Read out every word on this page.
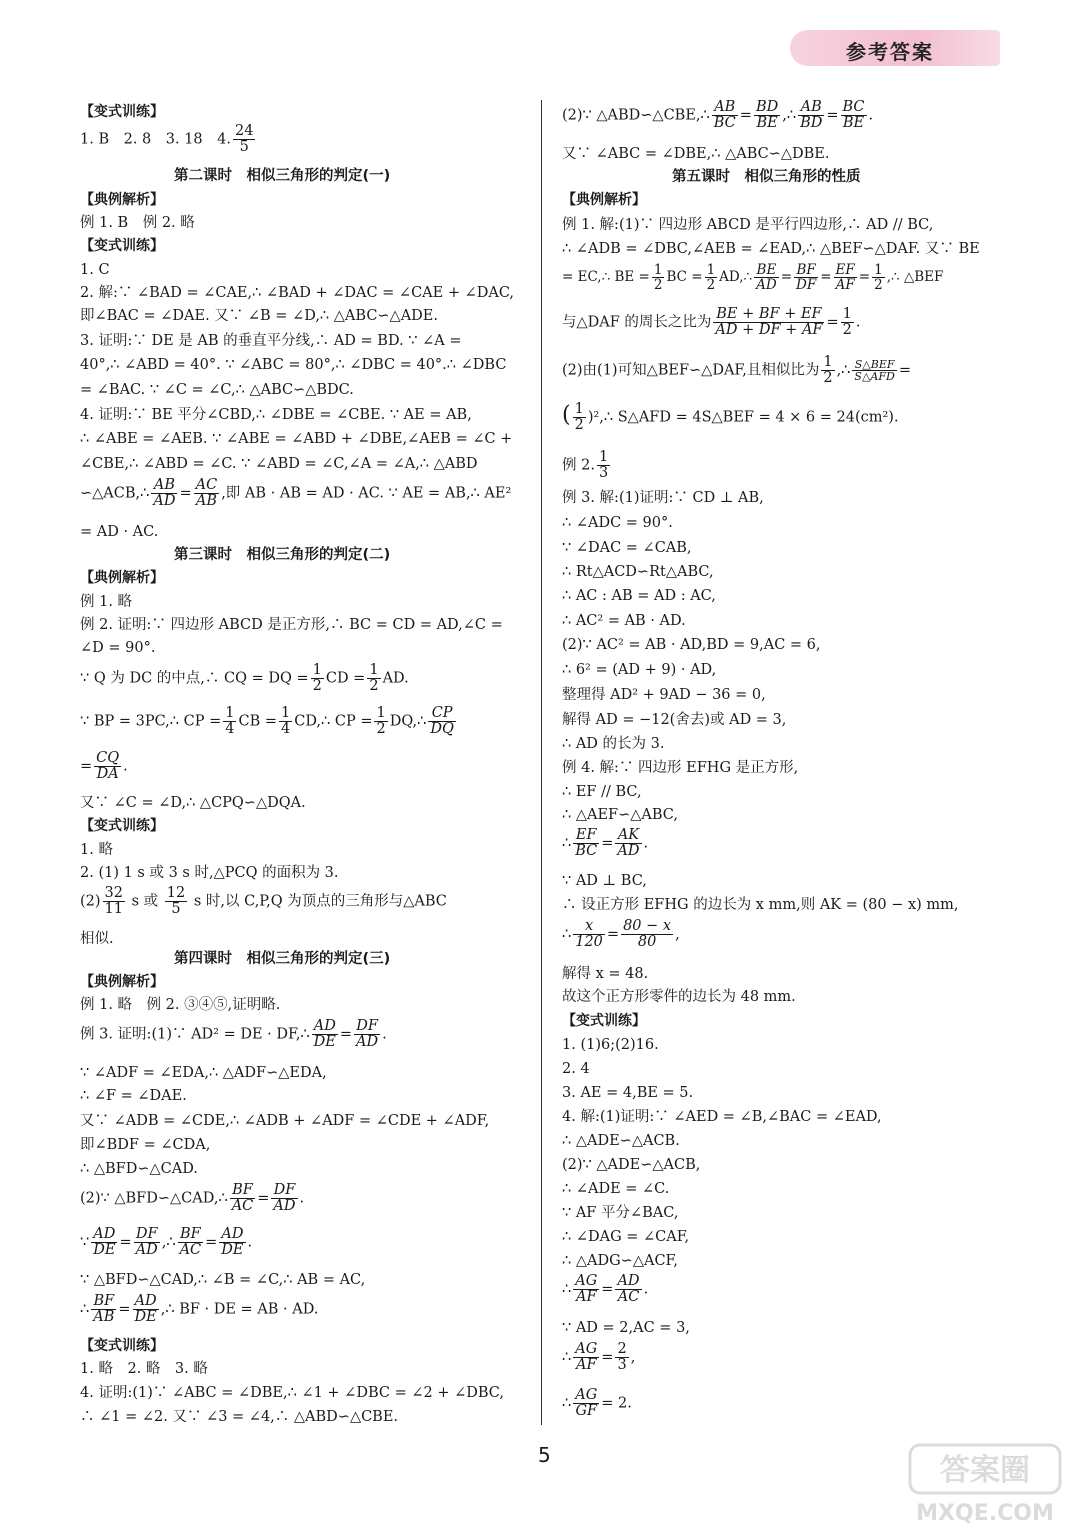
参考答案
【变式训练】
1. B　2. 8　3. 18　4. $\frac{24}{5}$
第二课时　相似三角形的判定(一)
【典例解析】
例 1. B　例 2. 略
【变式训练】
1. C
2. 解:∵ ∠BAD = ∠CAE,∴ ∠BAD + ∠DAC = ∠CAE + ∠DAC,
即∠BAC = ∠DAE. 又∵ ∠B = ∠D,∴ △ABC∽△ADE.
3. 证明:∵ DE 是 AB 的垂直平分线,∴ AD = BD. ∵ ∠A =
40°,∴ ∠ABD = 40°. ∵ ∠ABC = 80°,∴ ∠DBC = 40°.∴ ∠DBC
= ∠BAC. ∵ ∠C = ∠C,∴ △ABC∽△BDC.
4. 证明:∵ BE 平分∠CBD,∴ ∠DBE = ∠CBE. ∵ AE = AB,
∴ ∠ABE = ∠AEB. ∵ ∠ABE = ∠ABD + ∠DBE,∠AEB = ∠C +
∠CBE,∴ ∠ABD = ∠C. ∵ ∠ABD = ∠C,∠A = ∠A,∴ △ABD
∽△ACB,∴ $\frac{AB}{AD} = \frac{AC}{AB}$ ,即 AB · AB = AD · AC. ∵ AE = AB,∴ AE²
= AD · AC.
第三课时　相似三角形的判定(二)
【典例解析】
例 1. 略
例 2. 证明:∵ 四边形 ABCD 是正方形,∴ BC = CD = AD,∠C =
∠D = 90°.
∵ Q 为 DC 的中点,∴ CQ = DQ = $\frac{1}{2}$ CD = $\frac{1}{2}$ AD.
∵ BP = 3PC,∴ CP = $\frac{1}{4}$ CB = $\frac{1}{4}$ CD,∴ CP = $\frac{1}{2}$ DQ,∴ $\frac{CP}{DQ}$
= $\frac{CQ}{DA}$ .
又∵ ∠C = ∠D,∴ △CPQ∽△DQA.
【变式训练】
1. 略
2. (1) 1 s 或 3 s 时,△PCQ 的面积为 3.
$(2) \frac{32}{11}$ s 或 $\frac{12}{5}$ s 时,以 C,P,Q 为顶点的三角形与△ABC
相似.
第四课时　相似三角形的判定(三)
【典例解析】
例 1. 略　例 2. ③④⑤,证明略.
例 3. 证明:(1)∵ AD² = DE · DF,∴ $\frac{AD}{DE} = \frac{DF}{AD}$ .
∵ ∠ADF = ∠EDA,∴ △ADF∽△EDA,
∴ ∠F = ∠DAE.
又∵ ∠ADB = ∠CDE,∴ ∠ADB + ∠ADF = ∠CDE + ∠ADF,
即∠BDF = ∠CDA,
∴ △BFD∽△CAD.
(2)∵ △BFD∽△CAD,∴ $\frac{BF}{AC} = \frac{DF}{AD}$ .
∵ $\frac{AD}{DE} = \frac{DF}{AD}$ ,∴ $\frac{BF}{AC} = \frac{AD}{DE}$ .
∵ △BFD∽△CAD,∴ ∠B = ∠C,∴ AB = AC,
∴ $\frac{BF}{AB} = \frac{AD}{DE}$ ,∴ BF · DE = AB · AD.
【变式训练】
1. 略　2. 略　3. 略
4. 证明:(1)∵ ∠ABC = ∠DBE,∴ ∠1 + ∠DBC = ∠2 + ∠DBC,
∴ ∠1 = ∠2. 又∵ ∠3 = ∠4,∴ △ABD∽△CBE.
(2)∵ △ABD∽△CBE,∴ $\frac{AB}{BC} = \frac{BD}{BE}$ ,∴ $\frac{AB}{BD} = \frac{BC}{BE}$ .
又∵ ∠ABC = ∠DBE,∴ △ABC∽△DBE.
第五课时　相似三角形的性质
【典例解析】
例 1. 解:(1)∵ 四边形 ABCD 是平行四边形,∴ AD // BC,
∴ ∠ADB = ∠DBC,∠AEB = ∠EAD,∴ △BEF∽△DAF. 又∵ BE
= EC,∴ BE = $\frac{1}{2}$ BC = $\frac{1}{2}$ AD,∴ $\frac{BE}{AD} = \frac{BF}{DF} = \frac{EF}{AF} = \frac{1}{2}$ ,∴ △BEF
与△DAF 的周长之比为 $\frac{BE + BF + EF}{AD + DF + AF} = \frac{1}{2}$ .
(2)由(1)可知△BEF∽△DAF,且相似比为 $\frac{1}{2}$ ,∴ $\frac{\text{S△BEF}}{\text{S△AFD}}$ =
( $\frac{1}{2}$ )²,∴ S△AFD = 4S△BEF = 4 × 6 = 24(cm²).
例 2. $\frac{1}{3}$
例 3. 解:(1)证明:∵ CD ⊥ AB,
∴ ∠ADC = 90°.
∵ ∠DAC = ∠CAB,
∴ Rt△ACD∽Rt△ABC,
∴ AC : AB = AD : AC,
∴ AC² = AB · AD.
(2)∵ AC² = AB · AD,BD = 9,AC = 6,
∴ 6² = (AD + 9) · AD,
整理得 AD² + 9AD − 36 = 0,
解得 AD = −12(舍去)或 AD = 3,
∴ AD 的长为 3.
例 4. 解:∵ 四边形 EFHG 是正方形,
∴ EF // BC,
∴ △AEF∽△ABC,
∴ $\frac{EF}{BC} = \frac{AK}{AD}$ .
∵ AD ⊥ BC,
∴ 设正方形 EFHG 的边长为 x mm,则 AK = (80 − x) mm,
∴ $\frac{x}{120} = \frac{80 - x}{80}$ ,
解得 x = 48.
故这个正方形零件的边长为 48 mm.
【变式训练】
1. (1)6;(2)16.
2. 4
3. AE = 4,BE = 5.
4. 解:(1)证明:∵ ∠AED = ∠B,∠BAC = ∠EAD,
∴ △ADE∽△ACB.
(2)∵ △ADE∽△ACB,
∴ ∠ADE = ∠C.
∵ AF 平分∠BAC,
∴ ∠DAG = ∠CAF,
∴ △ADG∽△ACF,
∴ $\frac{AG}{AF} = \frac{AD}{AC}$ .
∵ AD = 2,AC = 3,
∴ $\frac{AG}{AF} = \frac{2}{3}$ ,
∴ $\frac{AG}{GF} = 2$.
5	答案圈
MXQE.COM
